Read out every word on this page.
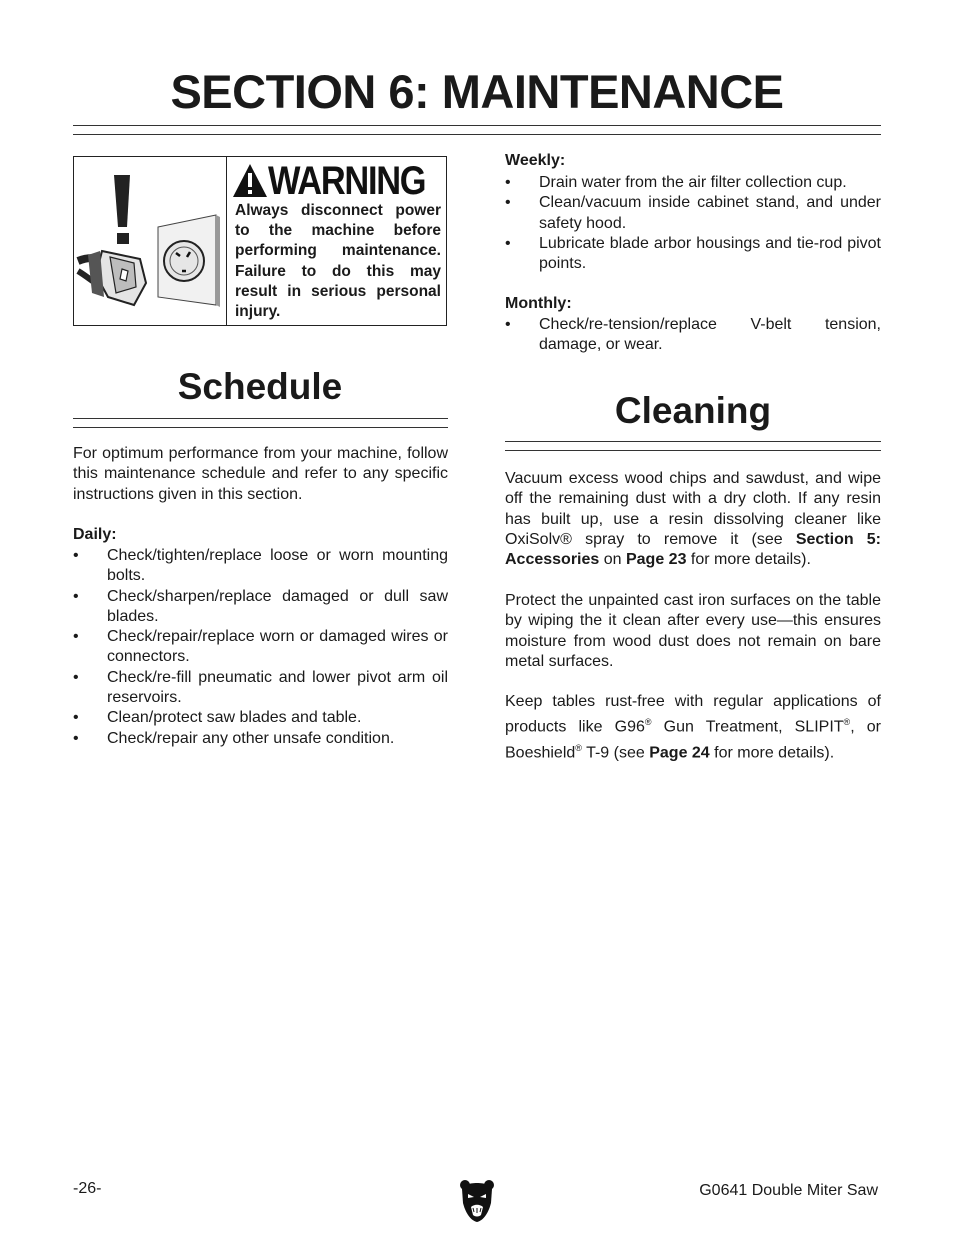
SECTION 6: MAINTENANCE
WARNING
Always disconnect power to the machine before performing maintenance. Failure to do this may result in serious personal injury.
Schedule
For optimum performance from your machine, follow this maintenance schedule and refer to any specific instructions given in this section.
Daily:
• Check/tighten/replace loose or worn mounting bolts.
• Check/sharpen/replace damaged or dull saw blades.
• Check/repair/replace worn or damaged wires or connectors.
• Check/re-fill pneumatic and lower pivot arm oil reservoirs.
• Clean/protect saw blades and table.
• Check/repair any other unsafe condition.
Weekly:
• Drain water from the air filter collection cup.
• Clean/vacuum inside cabinet stand, and under safety hood.
• Lubricate blade arbor housings and tie-rod pivot points.
Monthly:
• Check/re-tension/replace V-belt tension, damage, or wear.
Cleaning
Vacuum excess wood chips and sawdust, and wipe off the remaining dust with a dry cloth. If any resin has built up, use a resin dissolving cleaner like OxiSolv® spray to remove it (see Section 5: Accessories on Page 23 for more details).
Protect the unpainted cast iron surfaces on the table by wiping the it clean after every use—this ensures moisture from wood dust does not remain on bare metal surfaces.
Keep tables rust-free with regular applications of products like G96® Gun Treatment, SLIPIT®, or Boeshield® T-9 (see Page 24 for more details).
-26-	G0641 Double Miter Saw
